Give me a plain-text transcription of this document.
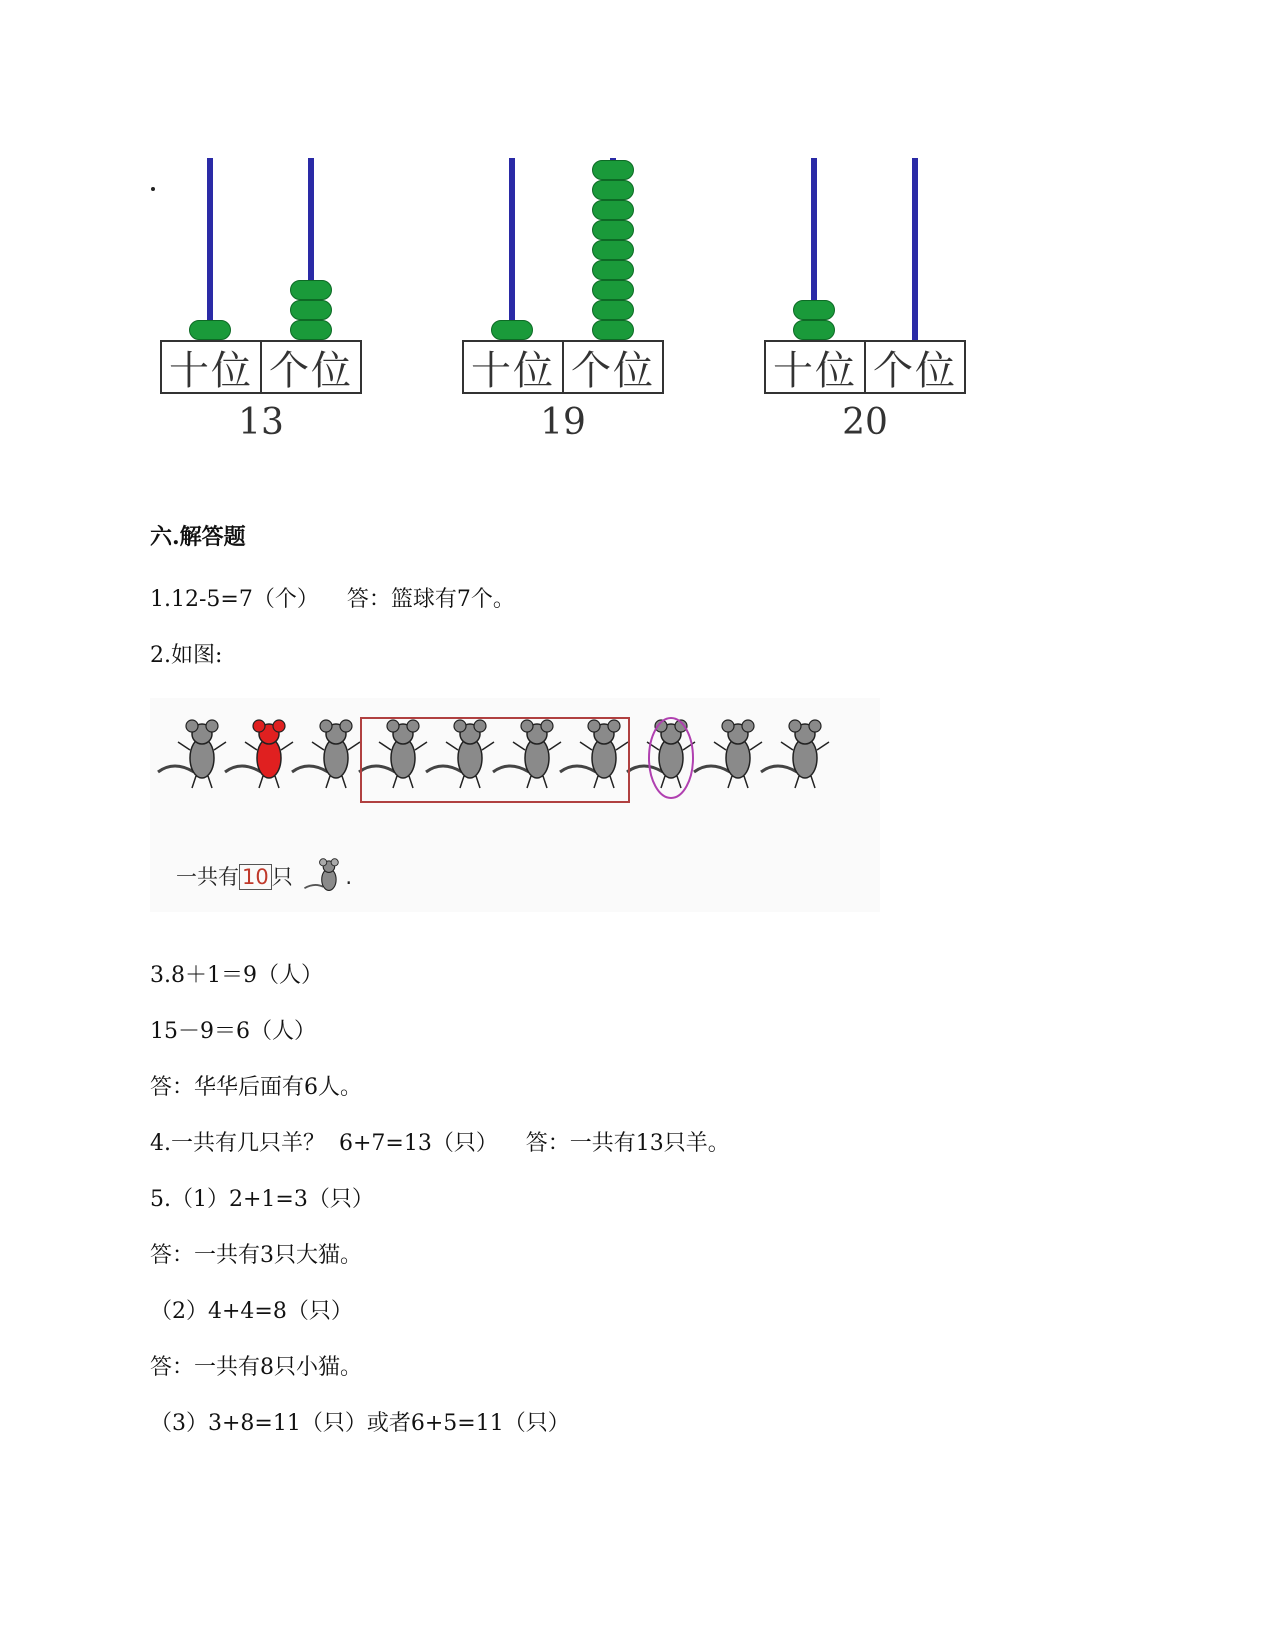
十位 个位
13
十位 个位
19
十位 个位
20
六.解答题
1.12-5=7（个）    答：篮球有7个。
2.如图:
一共有 10 只	.
3.8＋1＝9（人）
15－9＝6（人）
答：华华后面有6人。
4.一共有几只羊？  6+7=13（只）    答：一共有13只羊。
5.（1）2+1=3（只）
答：一共有3只大猫。
（2）4+4=8（只）
答：一共有8只小猫。
（3）3+8=11（只）或者6+5=11（只）
